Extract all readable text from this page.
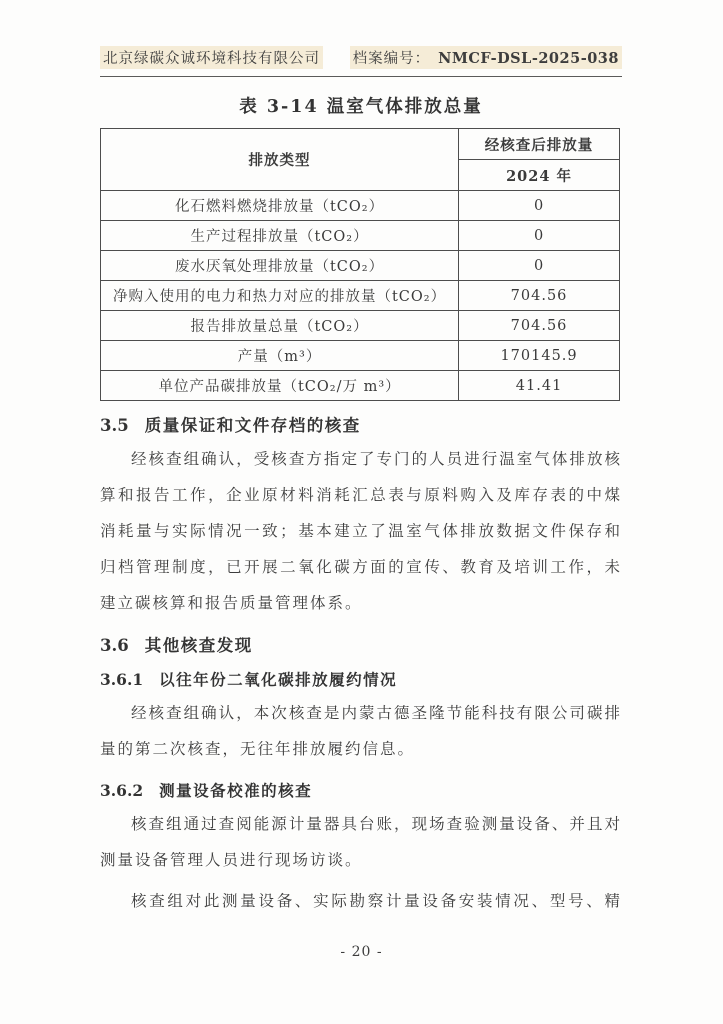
北京绿碳众诚环境科技有限公司 档案编号： NMCF-DSL-2025-038
表 3-14 温室气体排放总量
排放类型	经核查后排放量
	2024 年
化石燃料燃烧排放量（tCO₂）	0
生产过程排放量（tCO₂）	0
废水厌氧处理排放量（tCO₂）	0
净购入使用的电力和热力对应的排放量（tCO₂）	704.56
报告排放量总量（tCO₂）	704.56
产量（m³）	170145.9
单位产品碳排放量（tCO₂/万 m³）	41.41
3.5 质量保证和文件存档的核查

经核查组确认，受核查方指定了专门的人员进行温室气体排放核算和报告工作，企业原材料消耗汇总表与原料购入及库存表的中煤消耗量与实际情况一致；基本建立了温室气体排放数据文件保存和归档管理制度，已开展二氧化碳方面的宣传、教育及培训工作，未建立碳核算和报告质量管理体系。

3.6 其他核查发现
3.6.1 以往年份二氧化碳排放履约情况

经核查组确认，本次核查是内蒙古德圣隆节能科技有限公司碳排量的第二次核查，无往年排放履约信息。

3.6.2 测量设备校准的核查

核查组通过查阅能源计量器具台账，现场查验测量设备、并且对测量设备管理人员进行现场访谈。

核查组对此测量设备、实际勘察计量设备安装情况、型号、精

- 20 -
